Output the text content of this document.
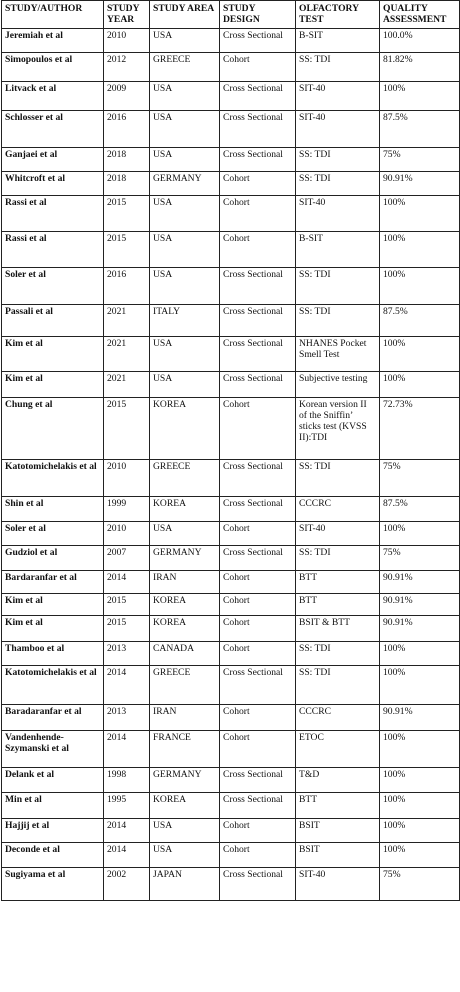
STUDY/AUTHOR	STUDY YEAR	STUDY AREA	STUDY DESIGN	OLFACTORY TEST	QUALITY ASSESSMENT
Jeremiah et al	2010	USA	Cross Sectional	B-SIT	100.0%
Simopoulos et al	2012	GREECE	Cohort	SS: TDI	81.82%
Litvack et al	2009	USA	Cross Sectional	SIT-40	100%
Schlosser et al	2016	USA	Cross Sectional	SIT-40	87.5%
Ganjaei et al	2018	USA	Cross Sectional	SS: TDI	75%
Whitcroft et al	2018	GERMANY	Cohort	SS: TDI	90.91%
Rassi et al	2015	USA	Cohort	SIT-40	100%
Rassi et al	2015	USA	Cohort	B-SIT	100%
Soler et al	2016	USA	Cross Sectional	SS: TDI	100%
Passali et al	2021	ITALY	Cross Sectional	SS: TDI	87.5%
Kim et al	2021	USA	Cross Sectional	NHANES Pocket Smell Test	100%
Kim et al	2021	USA	Cross Sectional	Subjective testing	100%
Chung et al	2015	KOREA	Cohort	Korean version II of the Sniffin’ sticks test (KVSS II):TDI	72.73%
Katotomichelakis et al	2010	GREECE	Cross Sectional	SS: TDI	75%
Shin et al	1999	KOREA	Cross Sectional	CCCRC	87.5%
Soler et al	2010	USA	Cohort	SIT-40	100%
Gudziol et al	2007	GERMANY	Cross Sectional	SS: TDI	75%
Bardaranfar et al	2014	IRAN	Cohort	BTT	90.91%
Kim et al	2015	KOREA	Cohort	BTT	90.91%
Kim et al	2015	KOREA	Cohort	BSIT & BTT	90.91%
Thamboo et al	2013	CANADA	Cohort	SS: TDI	100%
Katotomichelakis et al	2014	GREECE	Cross Sectional	SS: TDI	100%
Baradaranfar et al	2013	IRAN	Cohort	CCCRC	90.91%
Vandenhende-Szymanski et al	2014	FRANCE	Cohort	ETOC	100%
Delank et al	1998	GERMANY	Cross Sectional	T&D	100%
Min et al	1995	KOREA	Cross Sectional	BTT	100%
Hajjij et al	2014	USA	Cohort	BSIT	100%
Deconde et al	2014	USA	Cohort	BSIT	100%
Sugiyama et al	2002	JAPAN	Cross Sectional	SIT-40	75%
